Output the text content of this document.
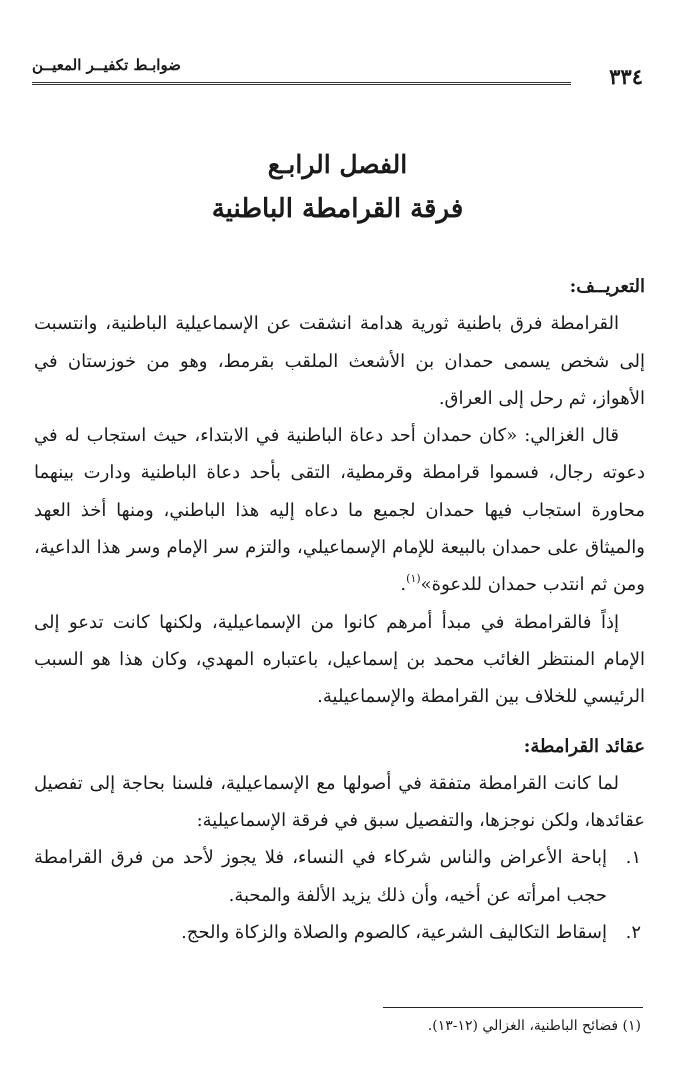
ضوابـط تكفيــر المعيــن	٣٣٤
الفصل الرابـع
فرقة القرامطة الباطنية

التعريــف:

القرامطة فرق باطنية ثورية هدامة انشقت عن الإسماعيلية الباطنية، وانتسبت إلى شخص يسمى حمدان بن الأشعث الملقب بقرمط، وهو من خوزستان في الأهواز، ثم رحل إلى العراق.

قال الغزالي: «كان حمدان أحد دعاة الباطنية في الابتداء، حيث استجاب له في دعوته رجال، فسموا قرامطة وقرمطية، التقى بأحد دعاة الباطنية ودارت بينهما محاورة استجاب فيها حمدان لجميع ما دعاه إليه هذا الباطني، ومنها أخذ العهد والميثاق على حمدان بالبيعة للإمام الإسماعيلي، والتزم سر الإمام وسر هذا الداعية، ومن ثم انتدب حمدان للدعوة»$^{(١)}$.

إذاً فالقرامطة في مبدأ أمرهم كانوا من الإسماعيلية، ولكنها كانت تدعو إلى الإمام المنتظر الغائب محمد بن إسماعيل، باعتباره المهدي، وكان هذا هو السبب الرئيسي للخلاف بين القرامطة والإسماعيلية.

عقائد القرامطة:

لما كانت القرامطة متفقة في أصولها مع الإسماعيلية، فلسنا بحاجة إلى تفصيل عقائدها، ولكن نوجزها، والتفصيل سبق في فرقة الإسماعيلية:

١.
إباحة الأعراض والناس شركاء في النساء، فلا يجوز لأحد من فرق القرامطة حجب امرأته عن أخيه، وأن ذلك يزيد الألفة والمحبة.
٢.
إسقاط التكاليف الشرعية، كالصوم والصلاة والزكاة والحج.
(١) فضائح الباطنية، الغزالي (١٢-١٣).
